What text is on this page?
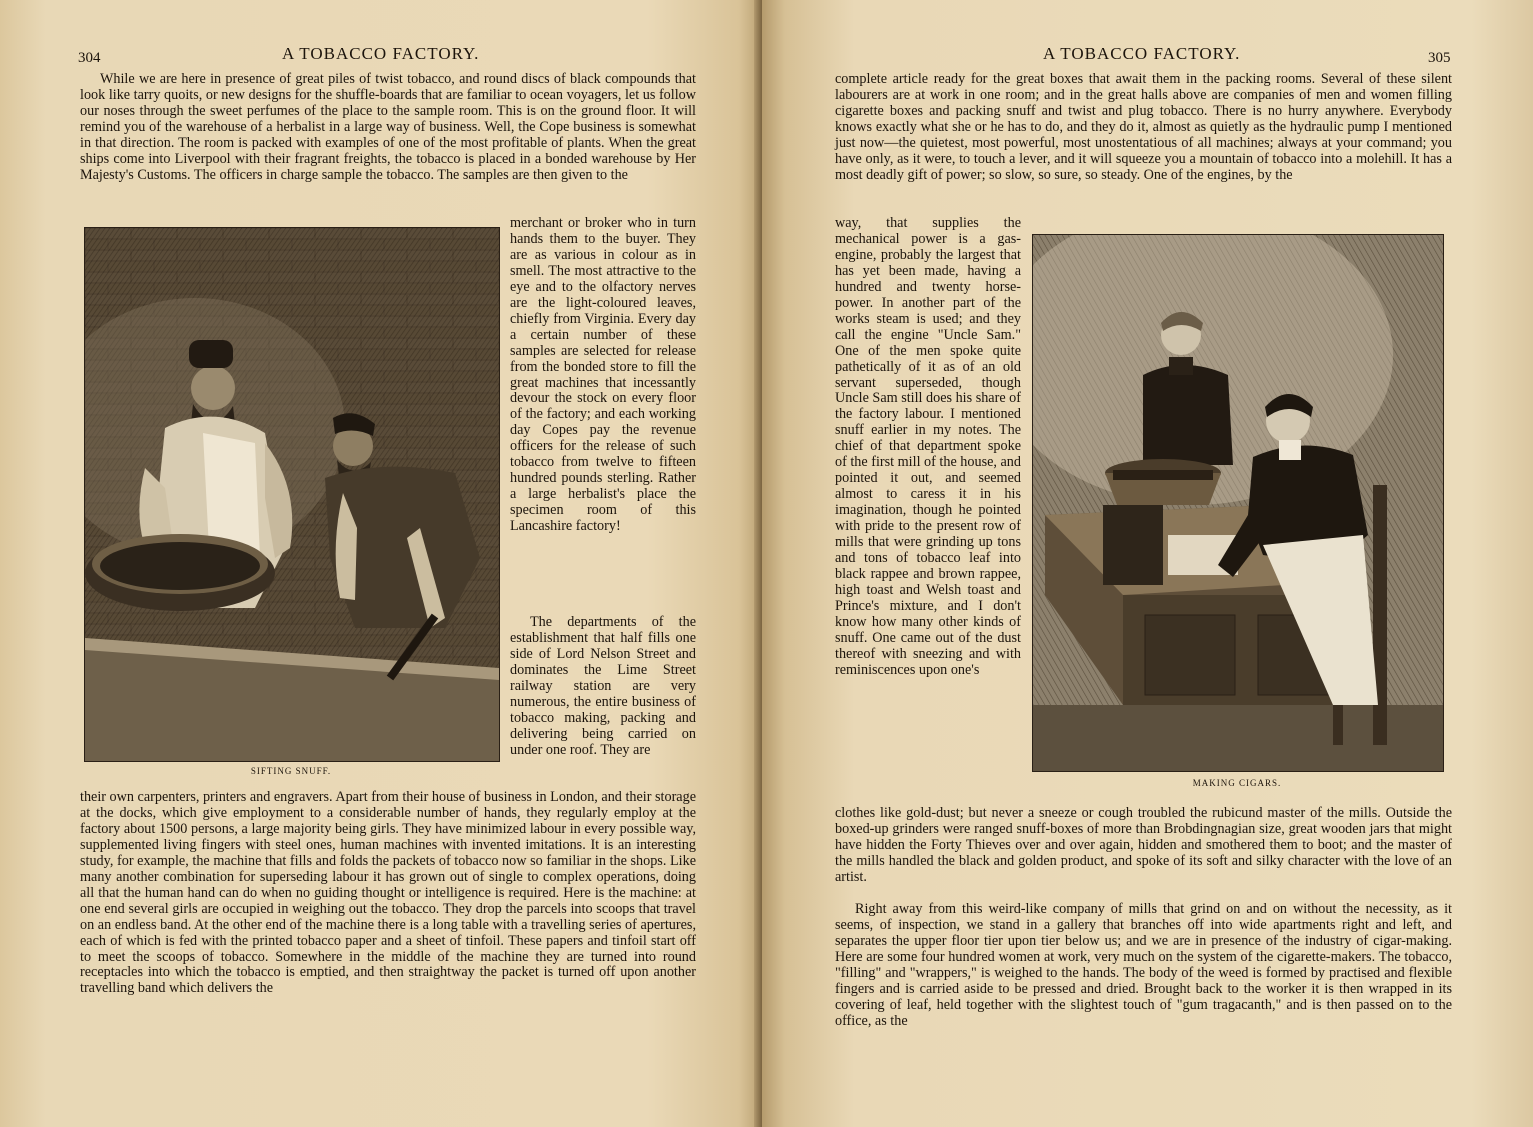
304	A TOBACCO FACTORY.

While we are here in presence of great piles of twist tobacco, and round discs of black compounds that look like tarry quoits, or new designs for the shuffle-boards that are familiar to ocean voyagers, let us follow our noses through the sweet perfumes of the place to the sample room. This is on the ground floor. It will remind you of the warehouse of a herbalist in a large way of business. Well, the Cope business is somewhat in that direction. The room is packed with examples of one of the most profitable of plants. When the great ships come into Liverpool with their fragrant freights, the tobacco is placed in a bonded warehouse by Her Majesty's Customs. The officers in charge sample the tobacco. The samples are then given to the

SIFTING SNUFF.

merchant or broker who in turn hands them to the buyer. They are as various in colour as in smell. The most attractive to the eye and to the olfactory nerves are the light-coloured leaves, chiefly from Virginia. Every day a certain number of these samples are selected for release from the bonded store to fill the great machines that incessantly devour the stock on every floor of the factory; and each working day Copes pay the revenue officers for the release of such tobacco from twelve to fifteen hundred pounds sterling. Rather a large herbalist's place the specimen room of this Lancashire factory!

The departments of the establishment that half fills one side of Lord Nelson Street and dominates the Lime Street railway station are very numerous, the entire business of tobacco making, packing and delivering being carried on under one roof. They are

their own carpenters, printers and engravers. Apart from their house of business in London, and their storage at the docks, which give employment to a considerable number of hands, they regularly employ at the factory about 1500 persons, a large majority being girls. They have minimized labour in every possible way, supplemented living fingers with steel ones, human machines with invented imitations. It is an interesting study, for example, the machine that fills and folds the packets of tobacco now so familiar in the shops. Like many another combination for superseding labour it has grown out of single to complex operations, doing all that the human hand can do when no guiding thought or intelligence is required. Here is the machine: at one end several girls are occupied in weighing out the tobacco. They drop the parcels into scoops that travel on an endless band. At the other end of the machine there is a long table with a travelling series of apertures, each of which is fed with the printed tobacco paper and a sheet of tinfoil. These papers and tinfoil start off to meet the scoops of tobacco. Somewhere in the middle of the machine they are turned into round receptacles into which the tobacco is emptied, and then straightway the packet is turned off upon another travelling band which delivers the

A TOBACCO FACTORY.	305

complete article ready for the great boxes that await them in the packing rooms. Several of these silent labourers are at work in one room; and in the great halls above are companies of men and women filling cigarette boxes and packing snuff and twist and plug tobacco. There is no hurry anywhere. Everybody knows exactly what she or he has to do, and they do it, almost as quietly as the hydraulic pump I mentioned just now—the quietest, most powerful, most unostentatious of all machines; always at your command; you have only, as it were, to touch a lever, and it will squeeze you a mountain of tobacco into a molehill. It has a most deadly gift of power; so slow, so sure, so steady. One of the engines, by the

way, that supplies the mechanical power is a gas-engine, probably the largest that has yet been made, having a hundred and twenty horse-power. In another part of the works steam is used; and they call the engine "Uncle Sam." One of the men spoke quite pathetically of it as of an old servant superseded, though Uncle Sam still does his share of the factory labour. I mentioned snuff earlier in my notes. The chief of that department spoke of the first mill of the house, and pointed it out, and seemed almost to caress it in his imagination, though he pointed with pride to the present row of mills that were grinding up tons and tons of tobacco leaf into black rappee and brown rappee, high toast and Welsh toast and Prince's mixture, and I don't know how many other kinds of snuff. One came out of the dust thereof with sneezing and with reminiscences upon one's

MAKING CIGARS.

clothes like gold-dust; but never a sneeze or cough troubled the rubicund master of the mills. Outside the boxed-up grinders were ranged snuff-boxes of more than Brobdingnagian size, great wooden jars that might have hidden the Forty Thieves over and over again, hidden and smothered them to boot; and the master of the mills handled the black and golden product, and spoke of its soft and silky character with the love of an artist.

Right away from this weird-like company of mills that grind on and on without the necessity, as it seems, of inspection, we stand in a gallery that branches off into wide apartments right and left, and separates the upper floor tier upon tier below us; and we are in presence of the industry of cigar-making. Here are some four hundred women at work, very much on the system of the cigarette-makers. The tobacco, "filling" and "wrappers," is weighed to the hands. The body of the weed is formed by practised and flexible fingers and is carried aside to be pressed and dried. Brought back to the worker it is then wrapped in its covering of leaf, held together with the slightest touch of "gum tragacanth," and is then passed on to the office, as the
